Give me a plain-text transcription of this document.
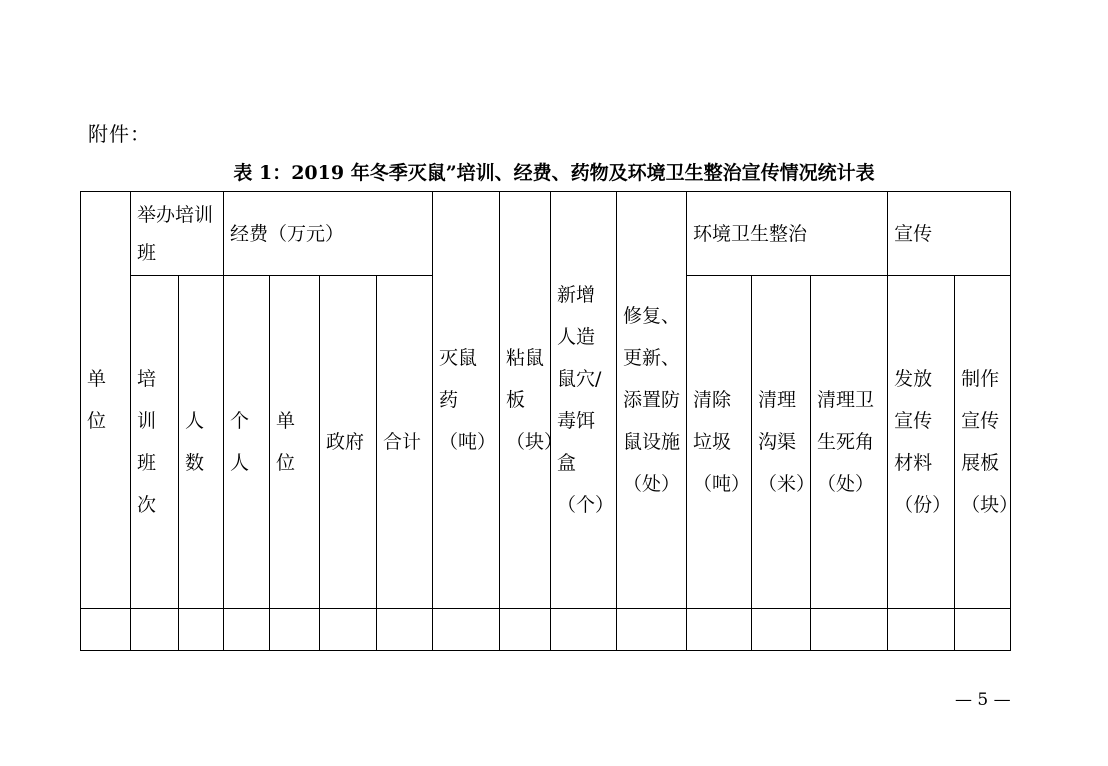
附件：
表 1：2019 年冬季灭鼠”培训、经费、药物及环境卫生整治宣传情况统计表
单位	举办培训班		经费（万元）				灭鼠药（吨）	粘鼠板（块）	新增人造鼠穴/毒饵盒（个）	修复、更新、添置防鼠设施（处）	环境卫生整治			宣传	
	培训班次	人数	个人	单位	政府	合计					清除垃圾（吨）	清理沟渠（米）	清理卫生死角（处）	发放宣传材料（份）	制作宣传展板（块）

— 5 —
